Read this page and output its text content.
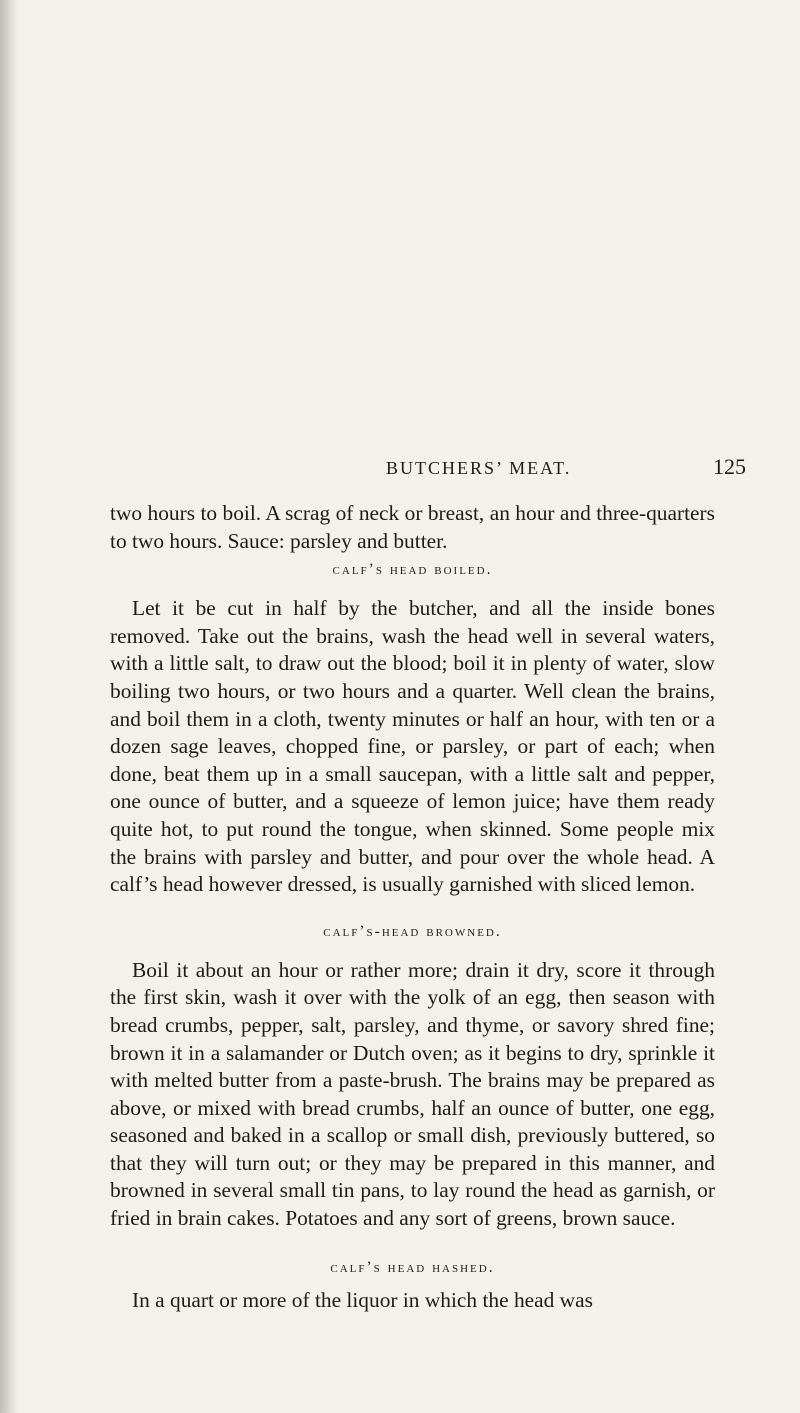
BUTCHERS’ MEAT.	125

two hours to boil. A scrag of neck or breast, an hour and three-quarters to two hours. Sauce: parsley and butter.

calf’s head boiled.

Let it be cut in half by the butcher, and all the inside bones removed. Take out the brains, wash the head well in several waters, with a little salt, to draw out the blood; boil it in plenty of water, slow boiling two hours, or two hours and a quarter. Well clean the brains, and boil them in a cloth, twenty minutes or half an hour, with ten or a dozen sage leaves, chopped fine, or parsley, or part of each; when done, beat them up in a small saucepan, with a little salt and pepper, one ounce of butter, and a squeeze of lemon juice; have them ready quite hot, to put round the tongue, when skinned. Some people mix the brains with parsley and butter, and pour over the whole head. A calf’s head however dressed, is usually garnished with sliced lemon.

calf’s-head browned.

Boil it about an hour or rather more; drain it dry, score it through the first skin, wash it over with the yolk of an egg, then season with bread crumbs, pepper, salt, parsley, and thyme, or savory shred fine; brown it in a salamander or Dutch oven; as it begins to dry, sprinkle it with melted butter from a paste-brush. The brains may be prepared as above, or mixed with bread crumbs, half an ounce of butter, one egg, seasoned and baked in a scallop or small dish, previously buttered, so that they will turn out; or they may be prepared in this manner, and browned in several small tin pans, to lay round the head as garnish, or fried in brain cakes. Potatoes and any sort of greens, brown sauce.

calf’s head hashed.

In a quart or more of the liquor in which the head was
